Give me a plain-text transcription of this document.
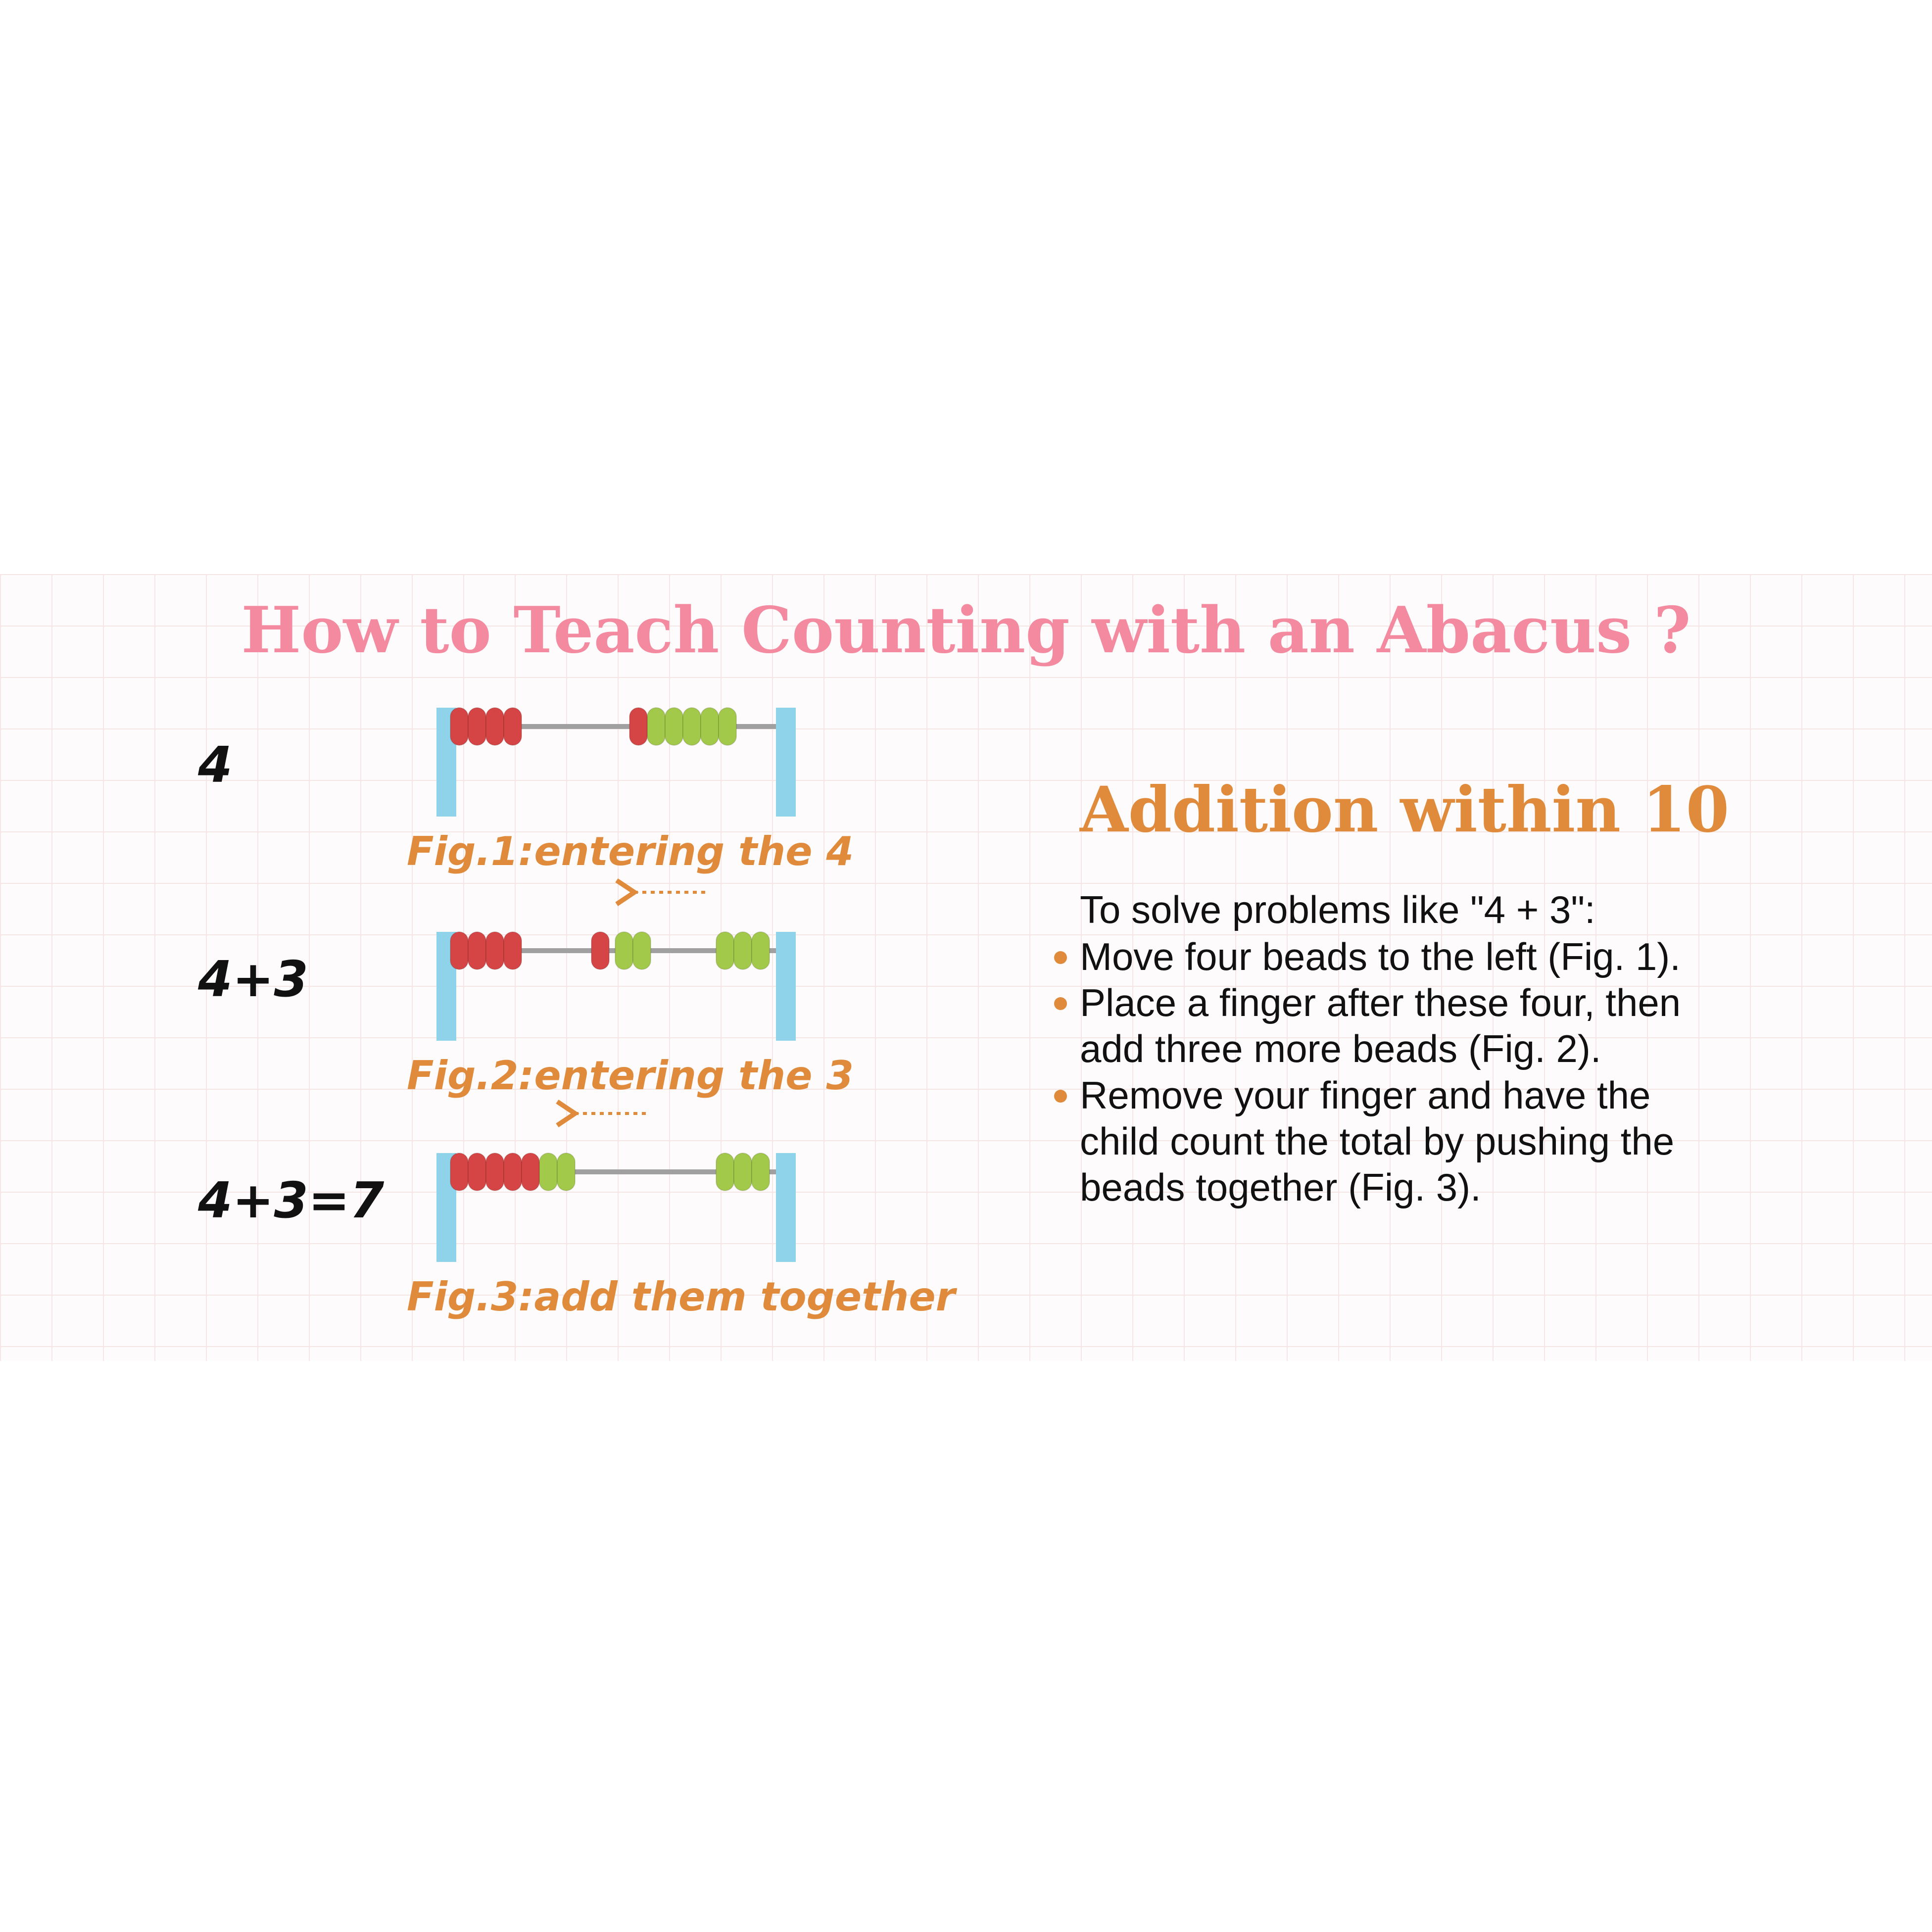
How to Teach Counting with an Abacus ?
Addition within 10
To solve problems like "4 + 3":
Move four beads to the left (Fig. 1).
Place a finger after these four, then
add three more beads (Fig. 2).
Remove your finger and have the
child count the total by pushing the
beads together (Fig. 3).
4
Fig.1:entering the 4
4+3
Fig.2:entering the 3
4+3=7
Fig.3:add them together
